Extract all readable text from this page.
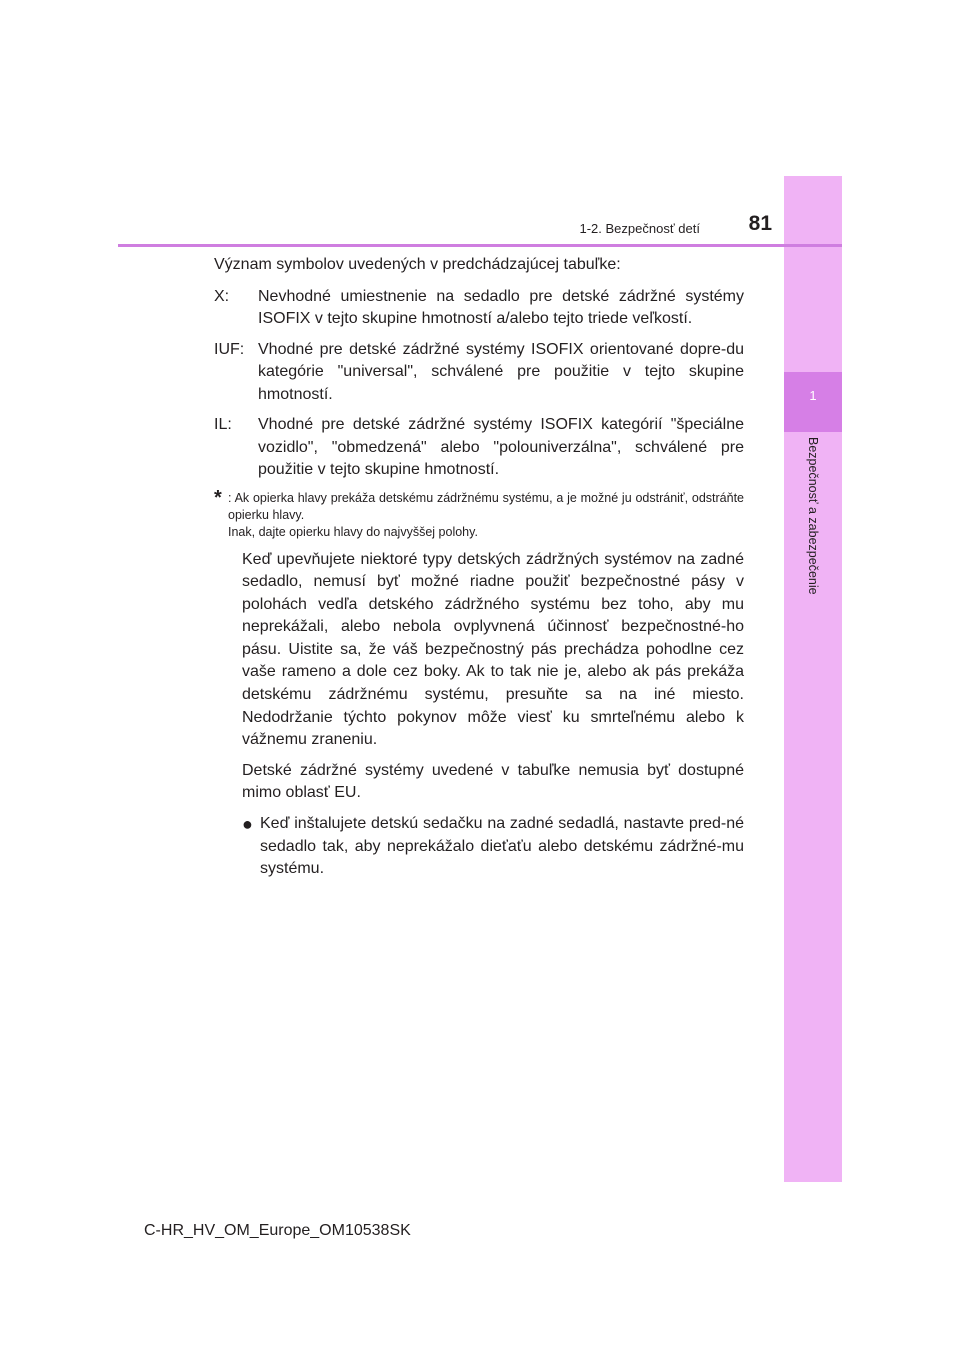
1
Bezpečnosť a zabezpečenie
1-2. Bezpečnosť detí	81

Význam symbolov uvedených v predchádzajúcej tabuľke:

X:	Nevhodné umiestnenie na sedadlo pre detské zádržné systémy ISOFIX v tejto skupine hmotností a/alebo tejto triede veľkostí.
IUF: Vhodné pre detské zádržné systémy ISOFIX orientované dopre-du kategórie "universal", schválené pre použitie v tejto skupine hmotností.
IL:	Vhodné pre detské zádržné systémy ISOFIX kategórií "špeciálne vozidlo", "obmedzená" alebo "polouniverzálna", schválené pre použitie v tejto skupine hmotností.
* : Ak opierka hlavy prekáža detskému zádržnému systému, a je možné ju odstrániť, odstráňte opierku hlavy.

Inak, dajte opierku hlavy do najvyššej polohy.

Keď upevňujete niektoré typy detských zádržných systémov na zadné sedadlo, nemusí byť možné riadne použiť bezpečnostné pásy v polohách vedľa detského zádržného systému bez toho, aby mu neprekážali, alebo nebola ovplyvnená účinnosť bezpečnostné-ho pásu. Uistite sa, že váš bezpečnostný pás prechádza pohodlne cez vaše rameno a dole cez boky. Ak to tak nie je, alebo ak pás prekáža detskému zádržnému systému, presuňte sa na iné miesto. Nedodržanie týchto pokynov môže viesť ku smrteľnému alebo k vážnemu zraneniu.

Detské zádržné systémy uvedené v tabuľke nemusia byť dostupné mimo oblasť EU.

● Keď inštalujete detskú sedačku na zadné sedadlá, nastavte pred-né sedadlo tak, aby neprekážalo dieťaťu alebo detskému zádržné-mu systému.
C-HR_HV_OM_Europe_OM10538SK
